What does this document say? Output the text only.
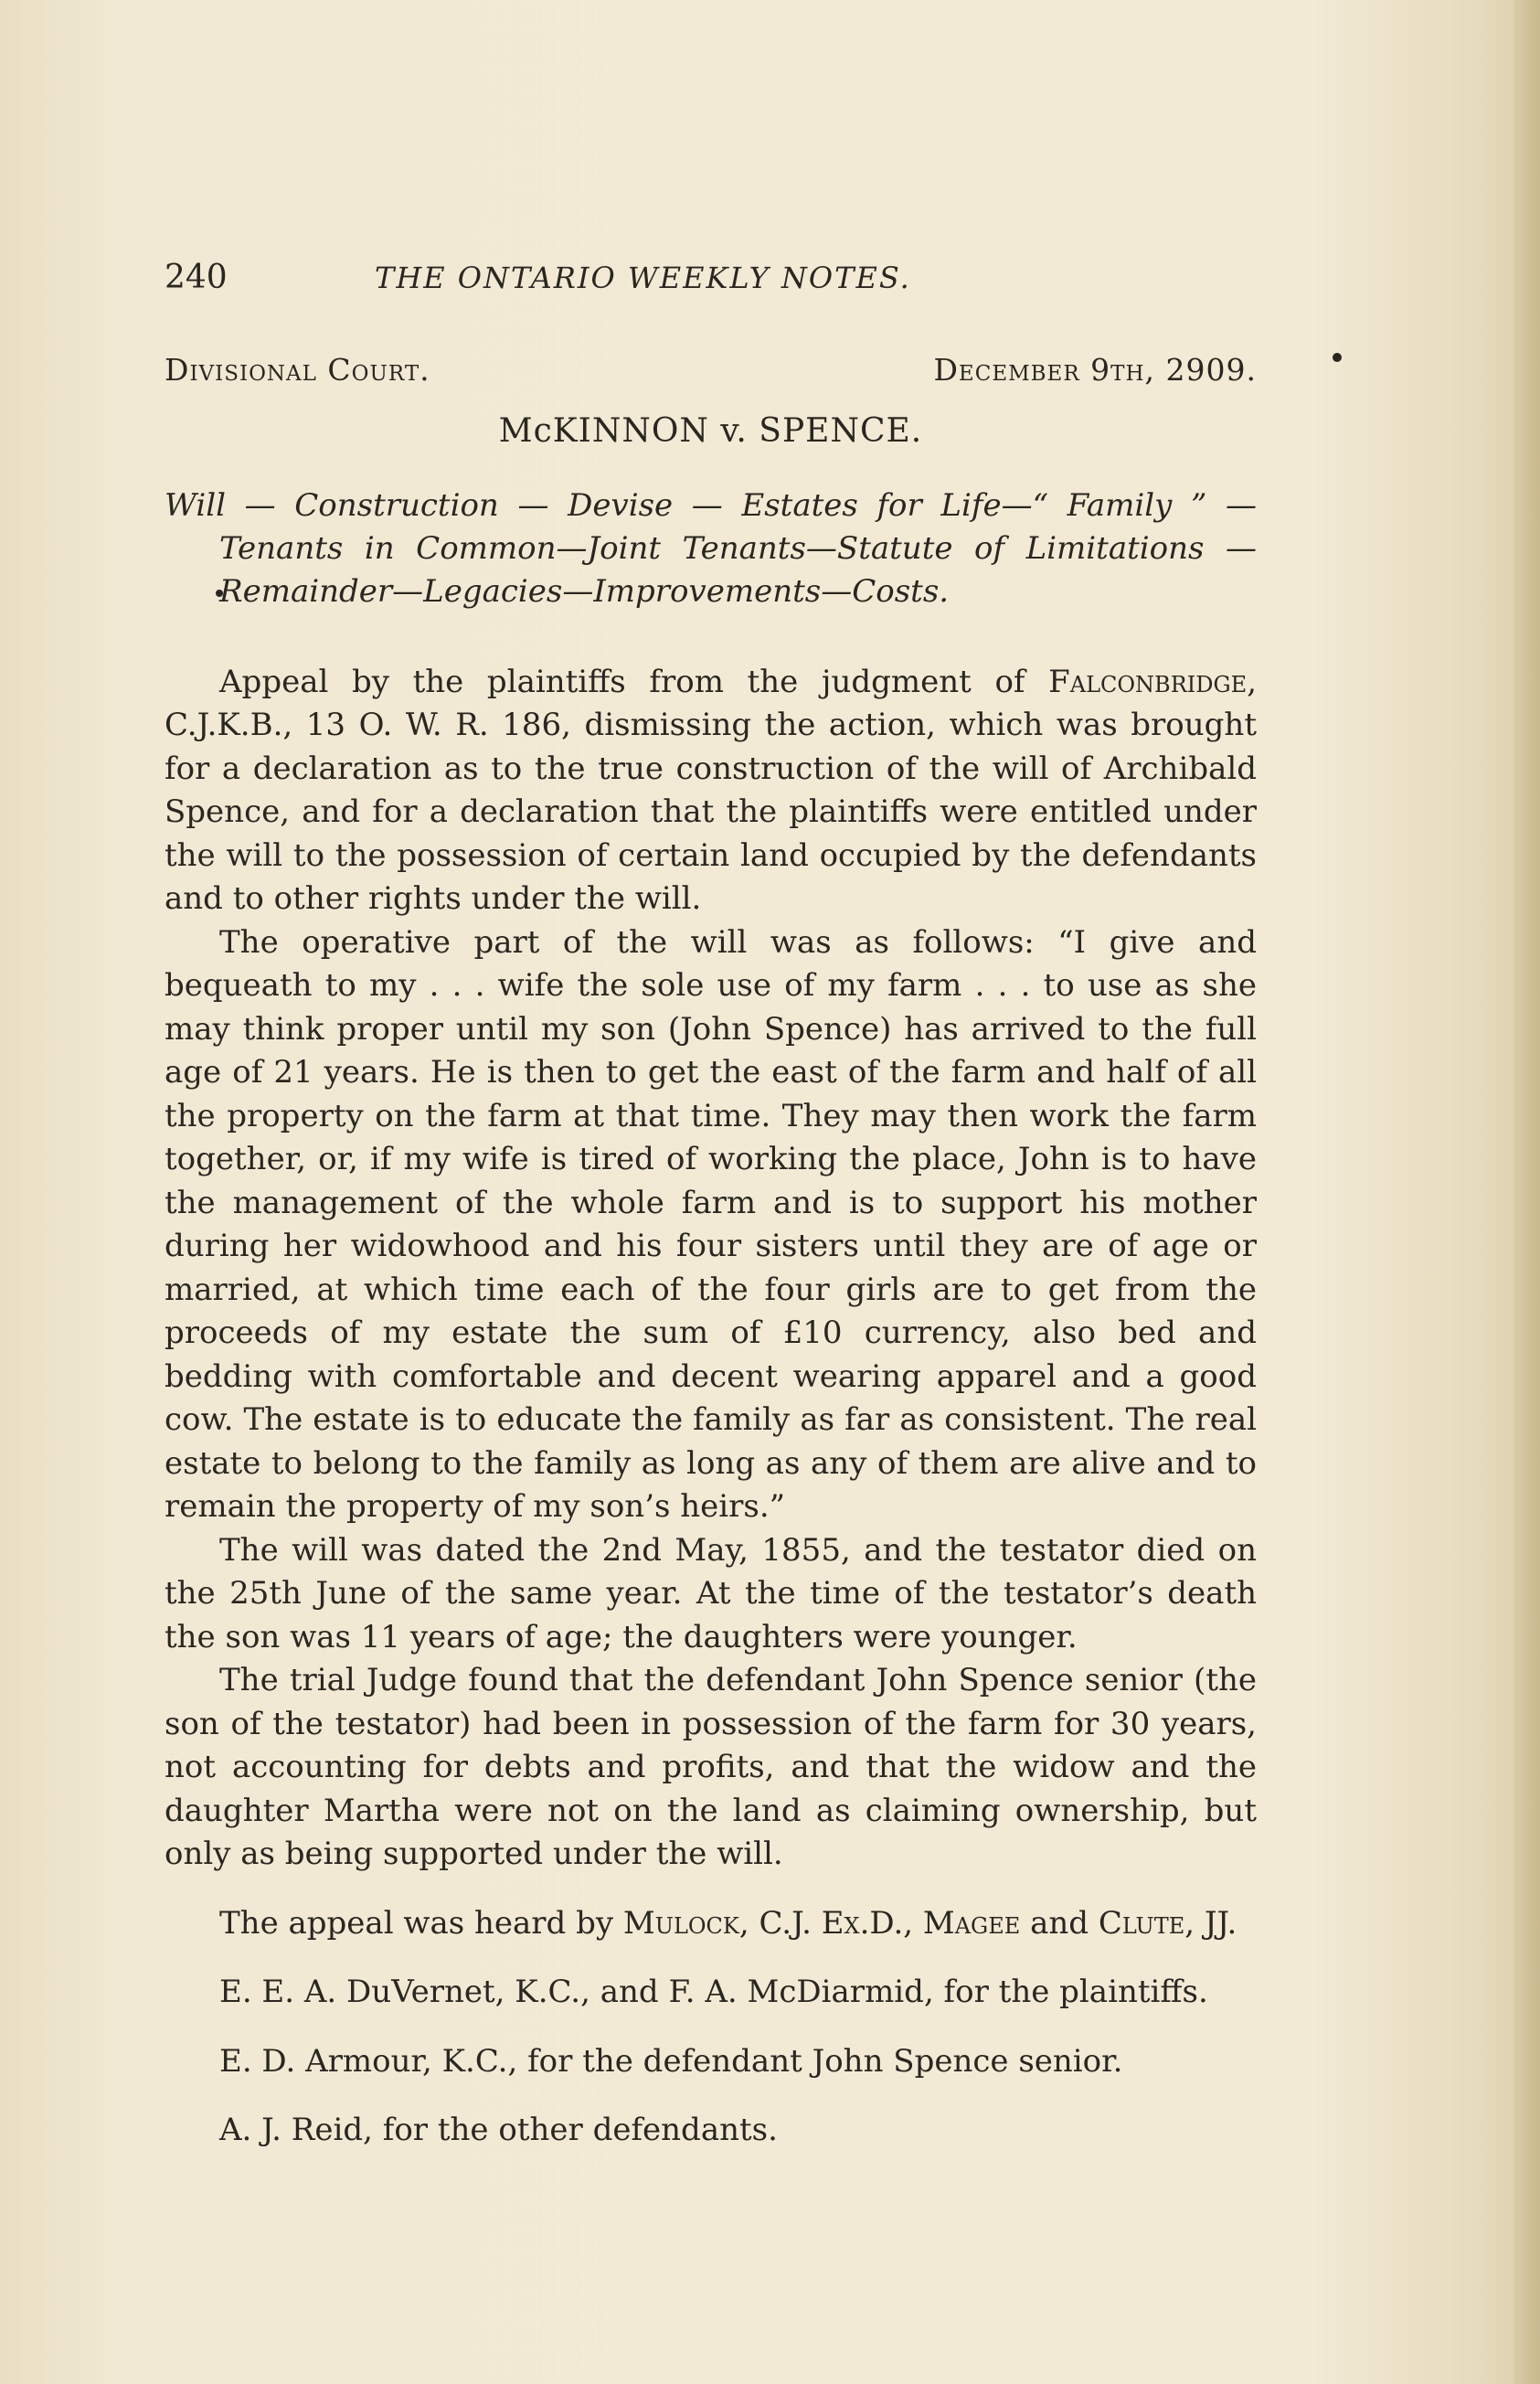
240	THE ONTARIO WEEKLY NOTES.
Divisional Court.	December 9th, 2909.
McKINNON v. SPENCE.
Will — Construction — Devise — Estates for Life—“ Family ” — Tenants in Common—Joint Tenants—Statute of Limitations —Remainder—Legacies—Improvements—Costs.

Appeal by the plaintiffs from the judgment of Falconbridge, C.J.K.B., 13 O. W. R. 186, dismissing the action, which was brought for a declaration as to the true construction of the will of Archibald Spence, and for a declaration that the plaintiffs were entitled under the will to the possession of certain land occupied by the defendants and to other rights under the will.

The operative part of the will was as follows: “I give and bequeath to my . . . wife the sole use of my farm . . . to use as she may think proper until my son (John Spence) has arrived to the full age of 21 years. He is then to get the east of the farm and half of all the property on the farm at that time. They may then work the farm together, or, if my wife is tired of working the place, John is to have the management of the whole farm and is to support his mother during her widowhood and his four sisters until they are of age or married, at which time each of the four girls are to get from the proceeds of my estate the sum of £10 currency, also bed and bedding with comfortable and decent wearing apparel and a good cow. The estate is to educate the family as far as consistent. The real estate to belong to the family as long as any of them are alive and to remain the property of my son’s heirs.”

The will was dated the 2nd May, 1855, and the testator died on the 25th June of the same year. At the time of the testator’s death the son was 11 years of age; the daughters were younger.

The trial Judge found that the defendant John Spence senior (the son of the testator) had been in possession of the farm for 30 years, not accounting for debts and profits, and that the widow and the daughter Martha were not on the land as claiming ownership, but only as being supported under the will.

The appeal was heard by Mulock, C.J. Ex.D., Magee and Clute, JJ.

E. E. A. DuVernet, K.C., and F. A. McDiarmid, for the plaintiffs.

E. D. Armour, K.C., for the defendant John Spence senior.

A. J. Reid, for the other defendants.
